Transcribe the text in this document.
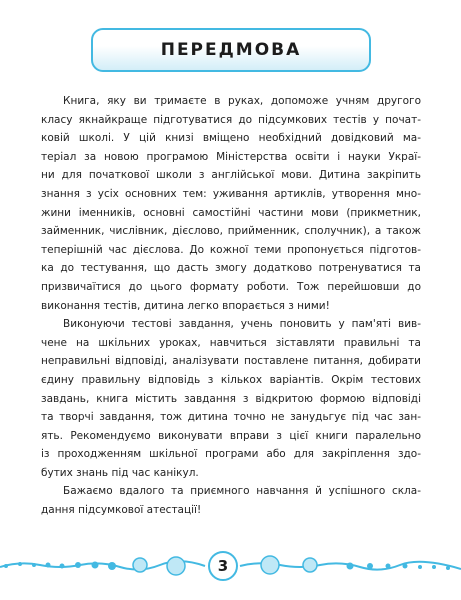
ПЕРЕДМОВА
Книга, яку ви тримаєте в руках, допоможе учням другого
класу якнайкраще підготуватися до підсумкових тестів у почат-
ковій школі. У цій книзі вміщено необхідний довідковий ма-
теріал за новою програмою Міністерства освіти і науки Украї-
ни для початкової школи з англійської мови. Дитина закріпить
знання з усіх основних тем: уживання артиклів, утворення мно-
жини іменників, основні самостійні частини мови (прикметник,
займенник, числівник, дієслово, прийменник, сполучник), а також
теперішній час дієслова. До кожної теми пропонується підготов-
ка до тестування, що дасть змогу додатково потренуватися та
призвичаїтися до цього формату роботи. Тож перейшовши до
виконання тестів, дитина легко впорається з ними!
Виконуючи тестові завдання, учень поновить у пам'яті вив-
чене на шкільних уроках, навчиться зіставляти правильні та
неправильні відповіді, аналізувати поставлене питання, добирати
єдину правильну відповідь з кількох варіантів. Окрім тестових
завдань, книга містить завдання з відкритою формою відповіді
та творчі завдання, тож дитина точно не занудьгує під час зан-
ять. Рекомендуємо виконувати вправи з цієї книги паралельно
із проходженням шкільної програми або для закріплення здо-
бутих знань під час канікул.
Бажаємо вдалого та приємного навчання й успішного скла-
дання підсумкової атестації!
3
